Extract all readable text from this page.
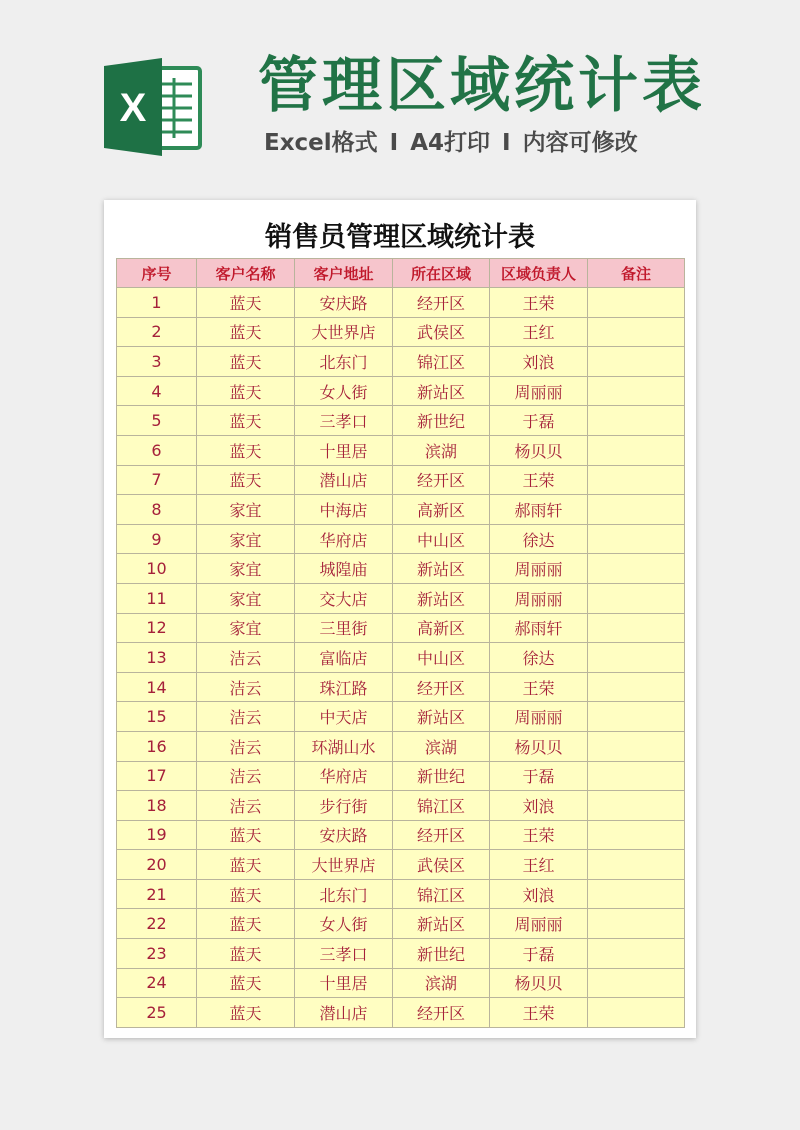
X 管理区域统计表
Excel格式 I A4打印 I 内容可修改
销售员管理区域统计表
序号	客户名称	客户地址	所在区域	区域负责人	备注
1	蓝天	安庆路	经开区	王荣	
2	蓝天	大世界店	武侯区	王红	
3	蓝天	北东门	锦江区	刘浪	
4	蓝天	女人街	新站区	周丽丽	
5	蓝天	三孝口	新世纪	于磊	
6	蓝天	十里居	滨湖	杨贝贝	
7	蓝天	潜山店	经开区	王荣	
8	家宜	中海店	高新区	郝雨轩	
9	家宜	华府店	中山区	徐达	
10	家宜	城隍庙	新站区	周丽丽	
11	家宜	交大店	新站区	周丽丽	
12	家宜	三里街	高新区	郝雨轩	
13	洁云	富临店	中山区	徐达	
14	洁云	珠江路	经开区	王荣	
15	洁云	中天店	新站区	周丽丽	
16	洁云	环湖山水	滨湖	杨贝贝	
17	洁云	华府店	新世纪	于磊	
18	洁云	步行街	锦江区	刘浪	
19	蓝天	安庆路	经开区	王荣	
20	蓝天	大世界店	武侯区	王红	
21	蓝天	北东门	锦江区	刘浪	
22	蓝天	女人街	新站区	周丽丽	
23	蓝天	三孝口	新世纪	于磊	
24	蓝天	十里居	滨湖	杨贝贝	
25	蓝天	潜山店	经开区	王荣	
